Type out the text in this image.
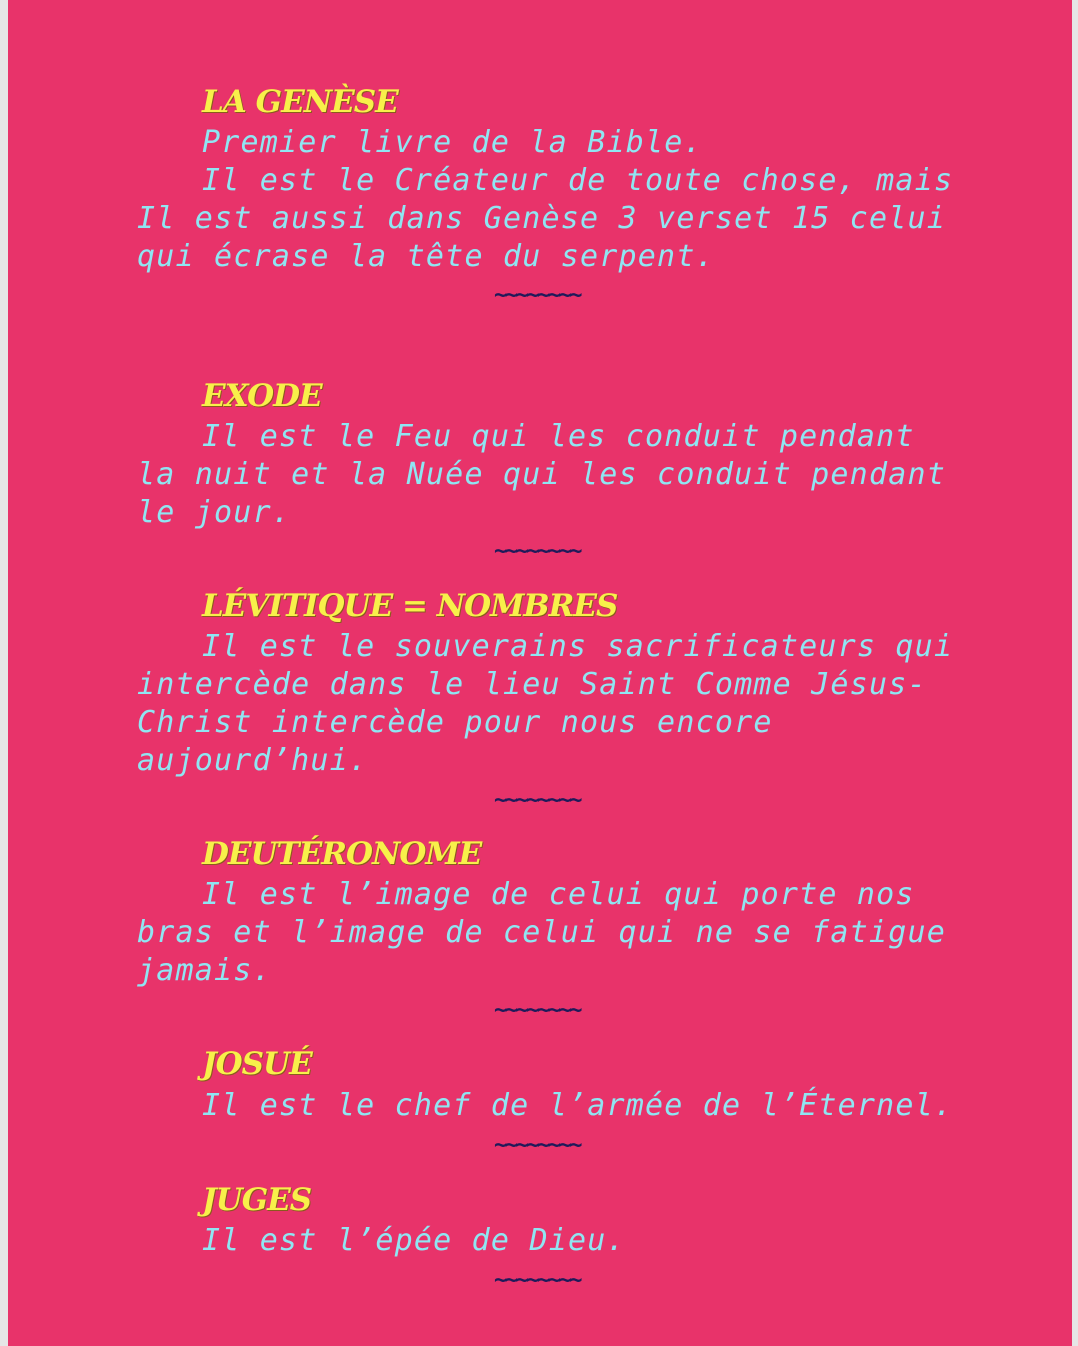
LA GENÈSE
Premier livre de la Bible.
Il est le Créateur de toute chose, mais
Il est aussi dans Genèse 3 verset 15 celui
qui écrase la tête du serpent.
~~~~~~~~
EXODE
Il est le Feu qui les conduit pendant
la nuit et la Nuée qui les conduit pendant
le jour.
~~~~~~~~
LÉVITIQUE = NOMBRES
Il est le souverains sacrificateurs qui
intercède dans le lieu Saint Comme Jésus-
Christ intercède pour nous encore
aujourd’hui.
~~~~~~~~
DEUTÉRONOME
Il est l’image de celui qui porte nos
bras et l’image de celui qui ne se fatigue
jamais.
~~~~~~~~
JOSUÉ
Il est le chef de l’armée de l’Éternel.
~~~~~~~~
JUGES
Il est l’épée de Dieu.
~~~~~~~~
